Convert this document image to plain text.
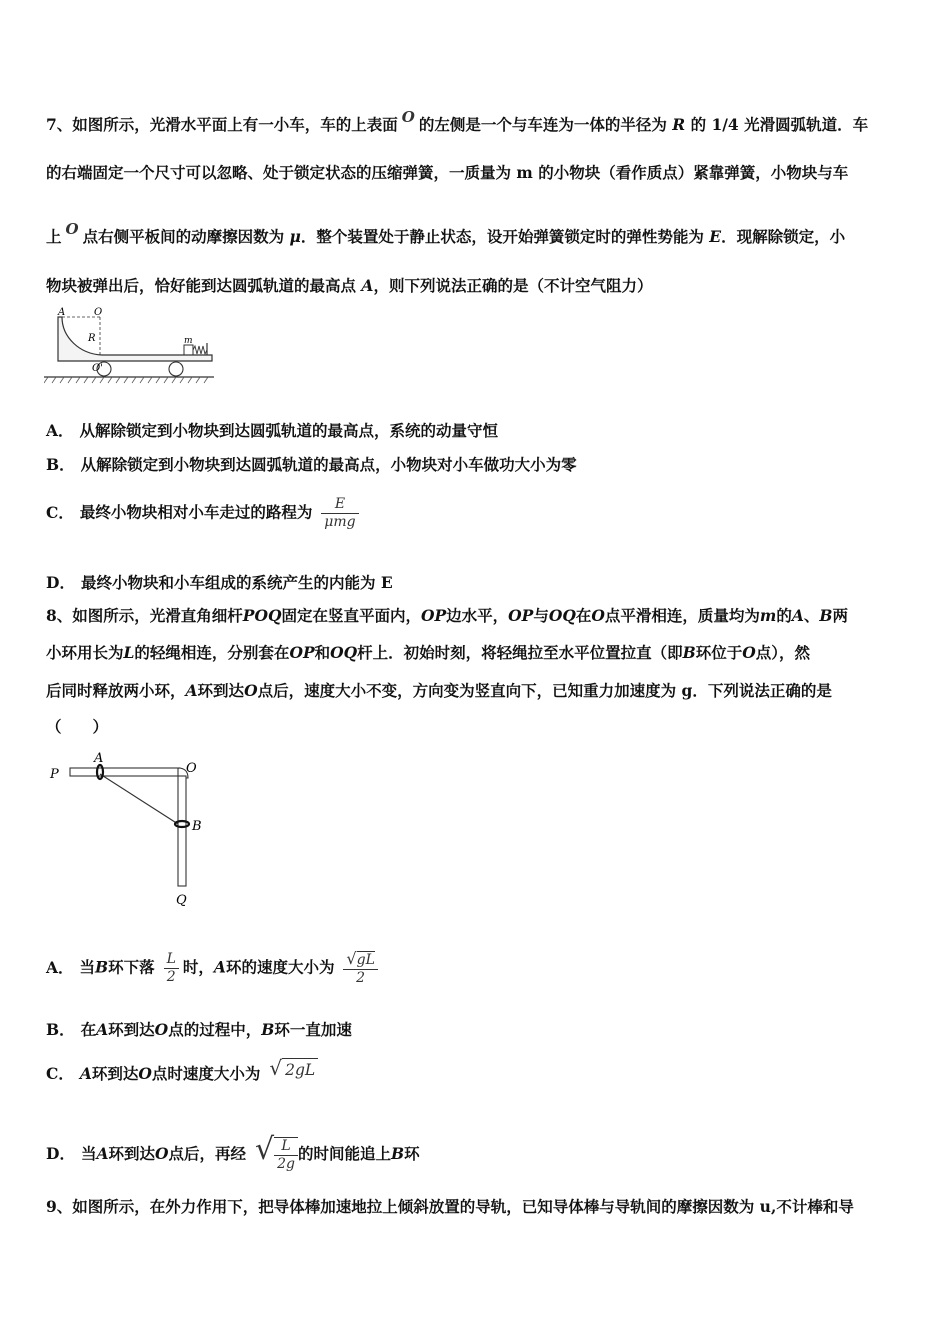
7、如图所示，光滑水平面上有一小车，车的上表面 O 的左侧是一个与车连为一体的半径为 R 的 1/4 光滑圆弧轨道．车
的右端固定一个尺寸可以忽略、处于锁定状态的压缩弹簧，一质量为 m 的小物块（看作质点）紧靠弹簧，小物块与车
上 O 点右侧平板间的动摩擦因数为 μ．整个装置处于静止状态，设开始弹簧锁定时的弹性势能为 E．现解除锁定，小
物块被弹出后，恰好能到达圆弧轨道的最高点 A，则下列说法正确的是（不计空气阻力）
A	O
R
O'
m
A． 从解除锁定到小物块到达圆弧轨道的最高点，系统的动量守恒
B． 从解除锁定到小物块到达圆弧轨道的最高点，小物块对小车做功大小为零
C． 最终小物块相对小车走过的路程为 $\frac{E}{\text{μmg}}$
D． 最终小物块和小车组成的系统产生的内能为 E
8、如图所示，光滑直角细杆POQ固定在竖直平面内，OP边水平，OP与OQ在O点平滑相连，质量均为m的A、B两
小环用长为L的轻绳相连，分别套在OP和OQ杆上．初始时刻，将轻绳拉至水平位置拉直（即B环位于O点），然
后同时释放两小环，A环到达O点后，速度大小不变，方向变为竖直向下，已知重力加速度为 g．下列说法正确的是
（　　）
P
A
O
B
Q
A． 当B环下落 $\frac{L}{2}$ 时，A环的速度大小为 $\frac{√gL}{2}$
B． 在A环到达O点的过程中，B环一直加速
C． A环到达O点时速度大小为 √ 2gL
D． 当A环到达O点后，再经 √ $\frac{L}{2g}$ 的时间能追上B环
9、如图所示，在外力作用下，把导体棒加速地拉上倾斜放置的导轨，已知导体棒与导轨间的摩擦因数为 u,不计棒和导
